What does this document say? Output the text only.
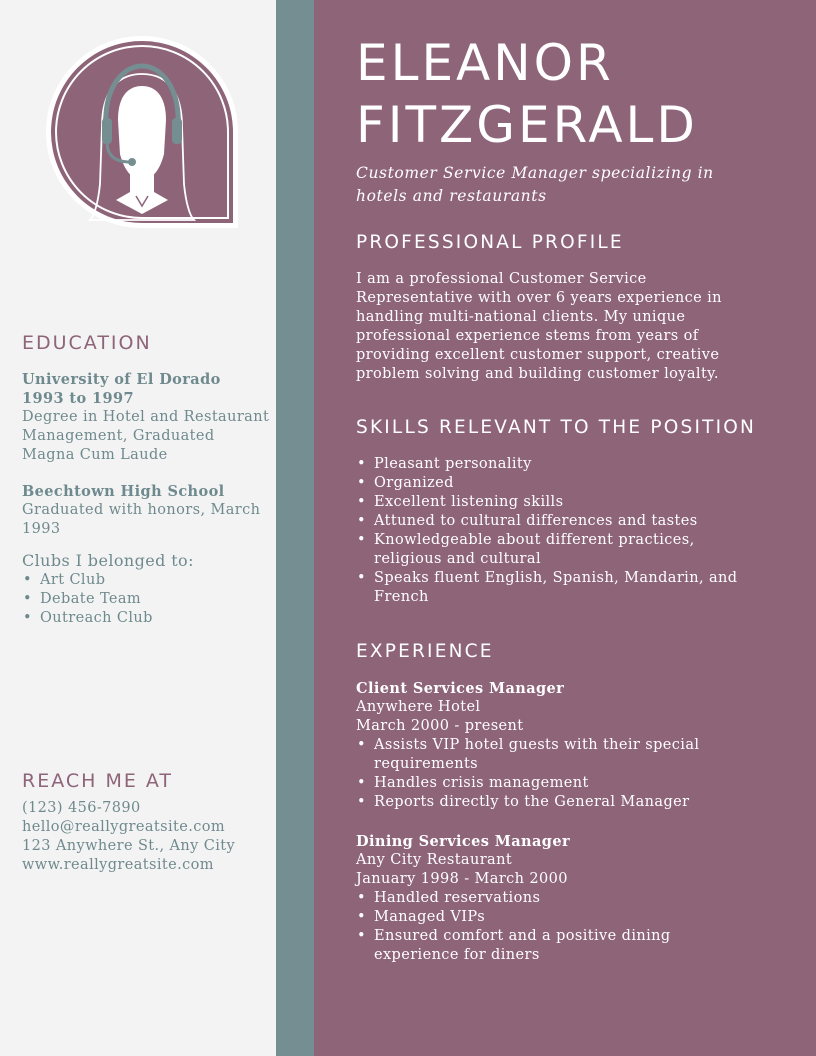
ELEANOR
FITZGERALD
Customer Service Manager specializing in hotels and restaurants
PROFESSIONAL PROFILE
I am a professional Customer Service Representative with over 6 years experience in handling multi-national clients. My unique professional experience stems from years of providing excellent customer support, creative problem solving and building customer loyalty.
SKILLS RELEVANT TO THE POSITION
• Pleasant personality
• Organized
• Excellent listening skills
• Attuned to cultural differences and tastes
• Knowledgeable about different practices, religious and cultural
• Speaks fluent English, Spanish, Mandarin, and French
EXPERIENCE
Client Services Manager
Anywhere Hotel
March 2000 - present
• Assists VIP hotel guests with their special requirements
• Handles crisis management
• Reports directly to the General Manager
Dining Services Manager
Any City Restaurant
January 1998 - March 2000
• Handled reservations
• Managed VIPs
• Ensured comfort and a positive dining experience for diners
EDUCATION
University of El Dorado
1993 to 1997
Degree in Hotel and Restaurant Management, Graduated Magna Cum Laude
Beechtown High School
Graduated with honors, March 1993
Clubs I belonged to:
• Art Club
• Debate Team
• Outreach Club
REACH ME AT
(123) 456-7890
hello@reallygreatsite.com
123 Anywhere St., Any City
www.reallygreatsite.com
